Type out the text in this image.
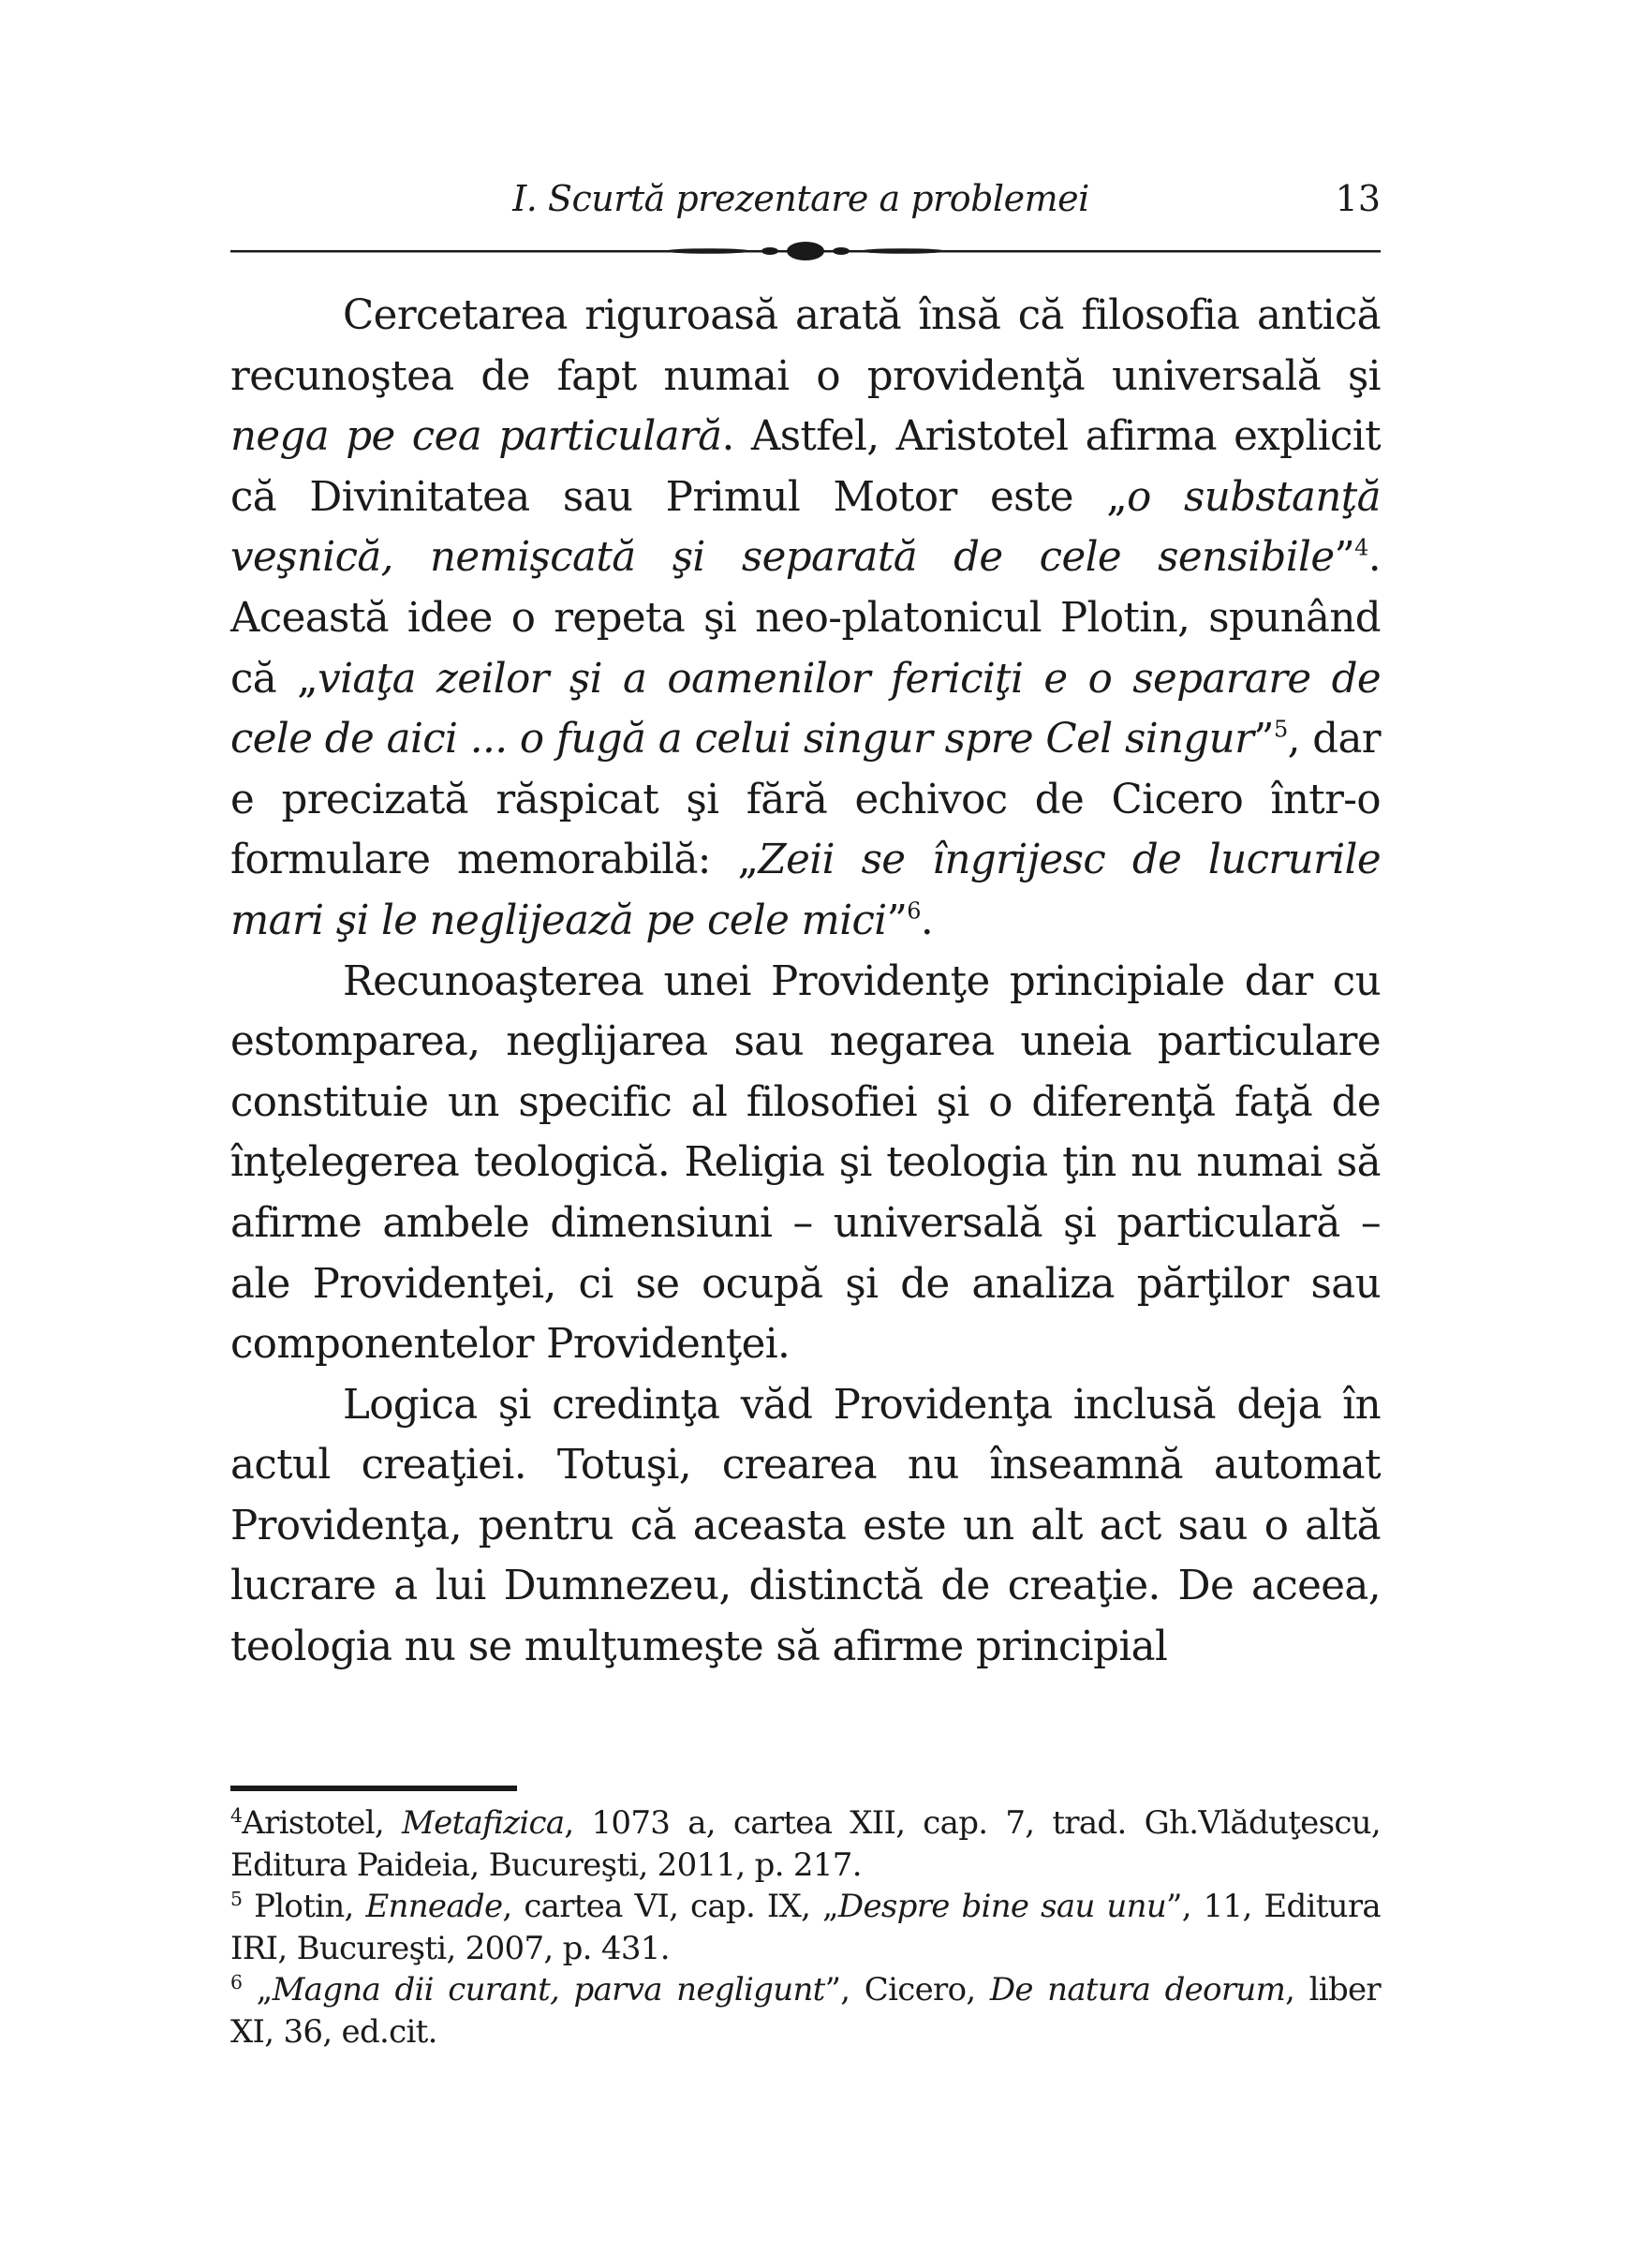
I. Scurtă prezentare a problemei	13

Cercetarea riguroasă arată însă că filosofia antică recunoştea de fapt numai o providenţă universală şi nega pe cea particulară. Astfel, Aristotel afirma explicit că Divinitatea sau Primul Motor este „o substanţă veşnică, nemişcată şi separată de cele sensibile”$^4$. Această idee o repeta şi neo-platonicul Plotin, spunând că „viaţa zeilor şi a oamenilor fericiţi e o separare de cele de aici ... o fugă a celui singur spre Cel singur”$^5$, dar e precizată răspicat şi fără echivoc de Cicero într-o formulare memorabilă: „Zeii se îngrijesc de lucrurile mari şi le neglijează pe cele mici”$^6$.

Recunoaşterea unei Providenţe principiale dar cu estomparea, neglijarea sau negarea uneia particulare constituie un specific al filosofiei şi o diferenţă faţă de înţelegerea teologică. Religia şi teologia ţin nu numai să afirme ambele dimensiuni – universală şi particulară – ale Providenţei, ci se ocupă şi de analiza părţilor sau componentelor Providenţei.

Logica şi credinţa văd Providenţa inclusă deja în actul creaţiei. Totuşi, crearea nu înseamnă automat Providenţa, pentru că aceasta este un alt act sau o altă lucrare a lui Dumnezeu, distinctă de creaţie. De aceea, teologia nu se mulţumeşte să afirme principial

$^4$Aristotel, Metafizica, 1073 a, cartea XII, cap. 7, trad. Gh.Vlăduţescu, Editura Paideia, Bucureşti, 2011, p. 217.

$^5$ Plotin, Enneade, cartea VI, cap. IX, „Despre bine sau unu”, 11, Editura IRI, Bucureşti, 2007, p. 431.

$^6$ „Magna dii curant, parva negligunt”, Cicero, De natura deorum, liber XI, 36, ed.cit.
